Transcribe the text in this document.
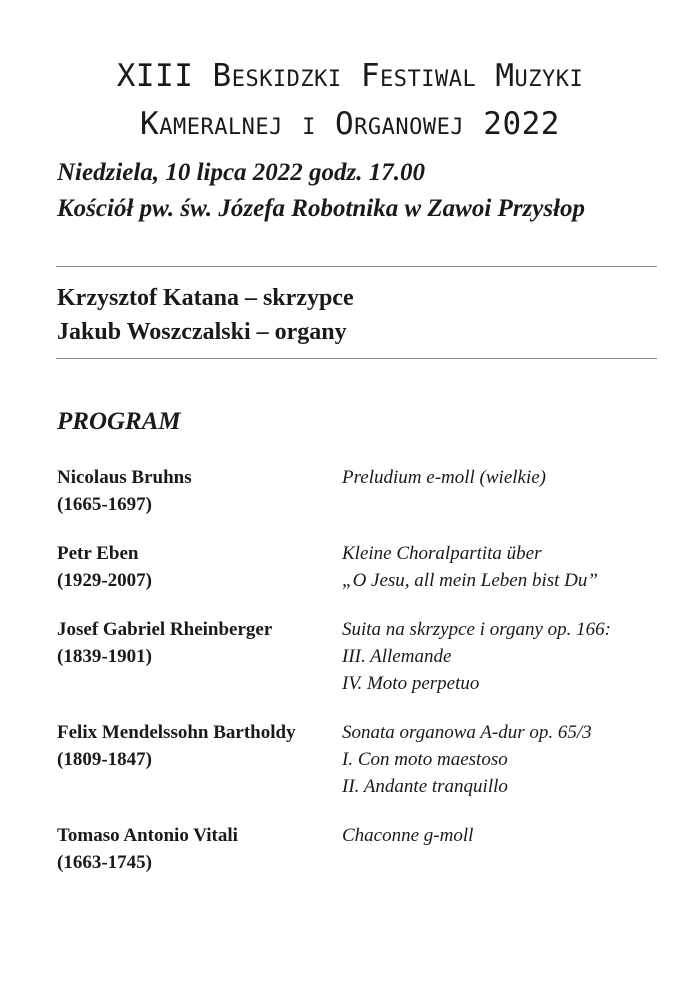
XIII Beskidzki Festiwal Muzyki
Kameralnej i Organowej 2022
Niedziela, 10 lipca 2022 godz. 17.00
Kościół pw. św. Józefa Robotnika w Zawoi Przysłop
Krzysztof Katana – skrzypce
Jakub Woszczalski – organy
PROGRAM
Nicolaus Bruhns
(1665-1697)
Preludium e-moll (wielkie)
Petr Eben
(1929-2007)
Kleine Choralpartita über
„O Jesu, all mein Leben bist Du”
Josef Gabriel Rheinberger
(1839-1901)
Suita na skrzypce i organy op. 166:
III. Allemande
IV. Moto perpetuo
Felix Mendelssohn Bartholdy
(1809-1847)
Sonata organowa A-dur op. 65/3
I. Con moto maestoso
II. Andante tranquillo
Tomaso Antonio Vitali
(1663-1745)
Chaconne g-moll
